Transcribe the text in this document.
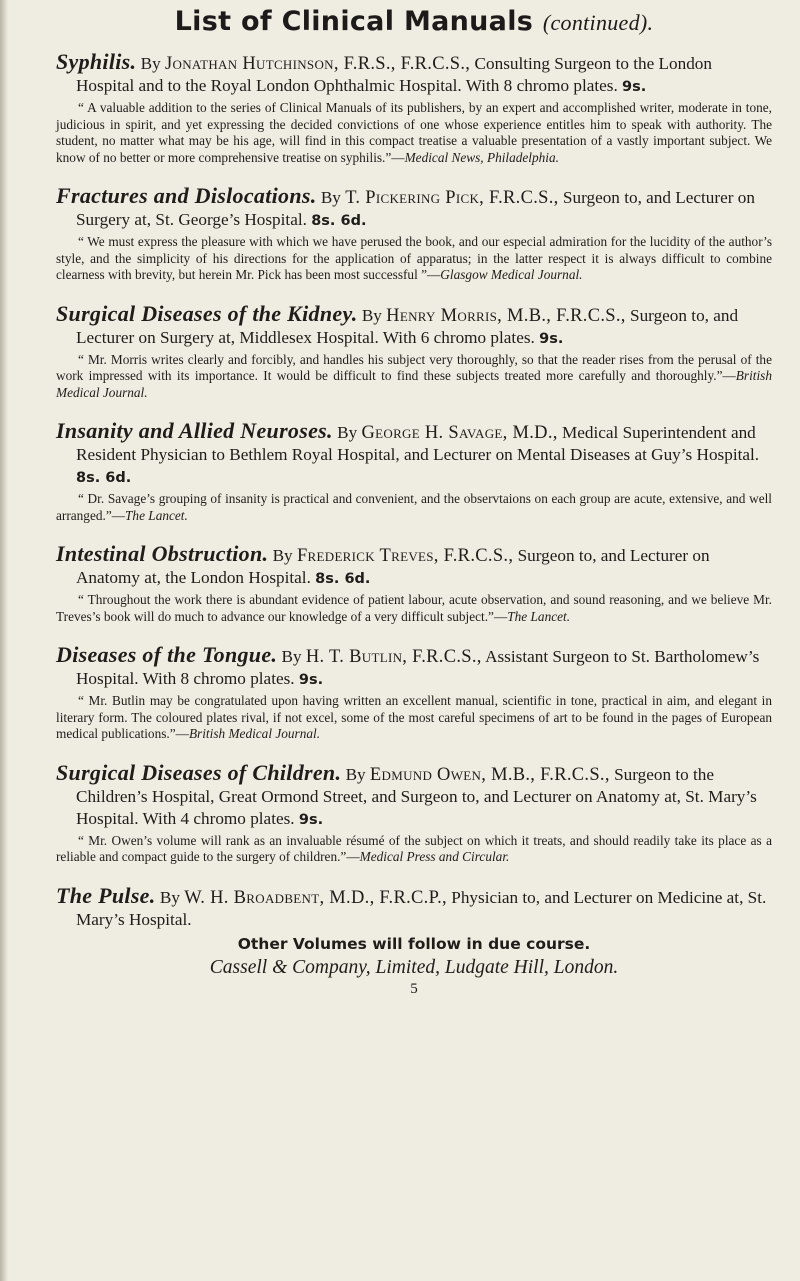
List of Clinical Manuals (continued).

Syphilis. By Jonathan Hutchinson, F.R.S., F.R.C.S., Consulting Surgeon to the London Hospital and to the Royal London Ophthalmic Hospital. With 8 chromo plates. 9s.

“ A valuable addition to the series of Clinical Manuals of its publishers, by an expert and accomplished writer, moderate in tone, judicious in spirit, and yet expressing the decided convictions of one whose experience entitles him to speak with authority. The student, no matter what may be his age, will find in this compact treatise a valuable presentation of a vastly important subject. We know of no better or more comprehensive treatise on syphilis.”—Medical News, Philadelphia.

Fractures and Dislocations. By T. Pickering Pick, F.R.C.S., Surgeon to, and Lecturer on Surgery at, St. George’s Hospital. 8s. 6d.

“ We must express the pleasure with which we have perused the book, and our especial admiration for the lucidity of the author’s style, and the simplicity of his directions for the application of apparatus; in the latter respect it is always difficult to combine clearness with brevity, but herein Mr. Pick has been most successful ”—Glasgow Medical Journal.

Surgical Diseases of the Kidney. By Henry Morris, M.B., F.R.C.S., Surgeon to, and Lecturer on Surgery at, Middlesex Hospital. With 6 chromo plates. 9s.

“ Mr. Morris writes clearly and forcibly, and handles his subject very thoroughly, so that the reader rises from the perusal of the work impressed with its importance. It would be difficult to find these subjects treated more carefully and thoroughly.”—British Medical Journal.

Insanity and Allied Neuroses. By George H. Savage, M.D., Medical Superintendent and Resident Physician to Bethlem Royal Hospital, and Lecturer on Mental Diseases at Guy’s Hospital. 8s. 6d.

“ Dr. Savage’s grouping of insanity is practical and convenient, and the observtaions on each group are acute, extensive, and well arranged.”—The Lancet.

Intestinal Obstruction. By Frederick Treves, F.R.C.S., Surgeon to, and Lecturer on Anatomy at, the London Hospital. 8s. 6d.

“ Throughout the work there is abundant evidence of patient labour, acute observation, and sound reasoning, and we believe Mr. Treves’s book will do much to advance our knowledge of a very difficult subject.”—The Lancet.

Diseases of the Tongue. By H. T. Butlin, F.R.C.S., Assistant Surgeon to St. Bartholomew’s Hospital. With 8 chromo plates. 9s.

“ Mr. Butlin may be congratulated upon having written an excellent manual, scientific in tone, practical in aim, and elegant in literary form. The coloured plates rival, if not excel, some of the most careful specimens of art to be found in the pages of European medical publications.”—British Medical Journal.

Surgical Diseases of Children. By Edmund Owen, M.B., F.R.C.S., Surgeon to the Children’s Hospital, Great Ormond Street, and Surgeon to, and Lecturer on Anatomy at, St. Mary’s Hospital. With 4 chromo plates. 9s.

“ Mr. Owen’s volume will rank as an invaluable résumé of the subject on which it treats, and should readily take its place as a reliable and compact guide to the surgery of children.”—Medical Press and Circular.

The Pulse. By W. H. Broadbent, M.D., F.R.C.P., Physician to, and Lecturer on Medicine at, St. Mary’s Hospital.

Other Volumes will follow in due course.

Cassell & Company, Limited, Ludgate Hill, London.

5
